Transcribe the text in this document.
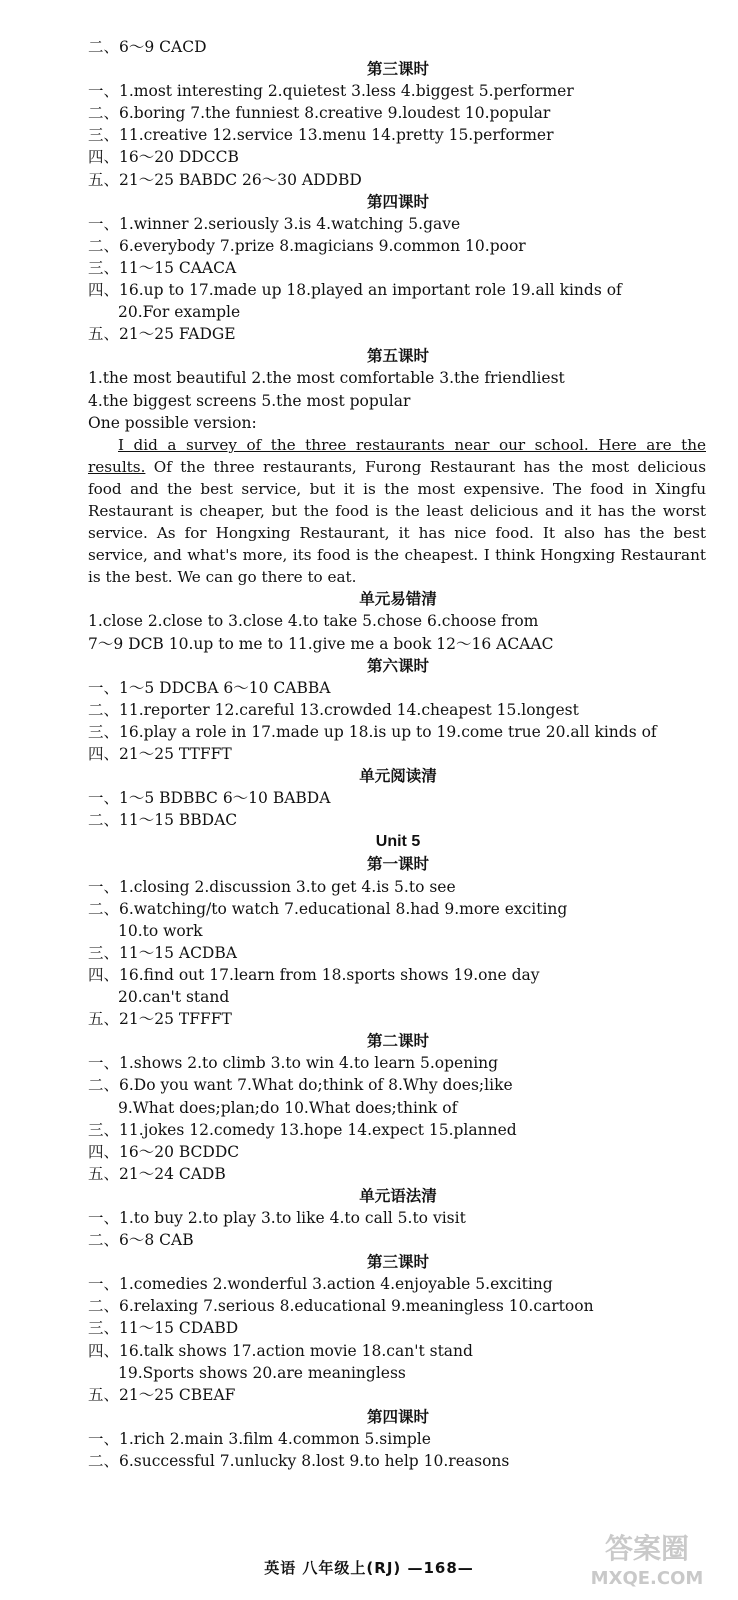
二、6～9 CACD
第三课时
一、1.most interesting 2.quietest 3.less 4.biggest 5.performer
二、6.boring 7.the funniest 8.creative 9.loudest 10.popular
三、11.creative 12.service 13.menu 14.pretty 15.performer
四、16～20 DDCCB
五、21～25 BABDC 26～30 ADDBD
第四课时
一、1.winner 2.seriously 3.is 4.watching 5.gave
二、6.everybody 7.prize 8.magicians 9.common 10.poor
三、11～15 CAACA
四、16.up to 17.made up 18.played an important role 19.all kinds of
20.For example
五、21～25 FADGE
第五课时
1.the most beautiful 2.the most comfortable 3.the friendliest
4.the biggest screens 5.the most popular
One possible version:

I did a survey of the three restaurants near our school. Here are the results. Of the three restaurants, Furong Restaurant has the most delicious food and the best service, but it is the most expensive. The food in Xingfu Restaurant is cheaper, but the food is the least delicious and it has the worst service. As for Hongxing Restaurant, it has nice food. It also has the best service, and what's more, its food is the cheapest. I think Hongxing Restaurant is the best. We can go there to eat.

单元易错清
1.close 2.close to 3.close 4.to take 5.chose 6.choose from
7～9 DCB 10.up to me to 11.give me a book 12～16 ACAAC
第六课时
一、1～5 DDCBA 6～10 CABBA
二、11.reporter 12.careful 13.crowded 14.cheapest 15.longest
三、16.play a role in 17.made up 18.is up to 19.come true 20.all kinds of
四、21～25 TTFFT
单元阅读清
一、1～5 BDBBC 6～10 BABDA
二、11～15 BBDAC
Unit 5
第一课时
一、1.closing 2.discussion 3.to get 4.is 5.to see
二、6.watching/to watch 7.educational 8.had 9.more exciting
10.to work
三、11～15 ACDBA
四、16.find out 17.learn from 18.sports shows 19.one day
20.can't stand
五、21～25 TFFFT
第二课时
一、1.shows 2.to climb 3.to win 4.to learn 5.opening
二、6.Do you want 7.What do;think of 8.Why does;like
9.What does;plan;do 10.What does;think of
三、11.jokes 12.comedy 13.hope 14.expect 15.planned
四、16～20 BCDDC
五、21～24 CADB
单元语法清
一、1.to buy 2.to play 3.to like 4.to call 5.to visit
二、6～8 CAB
第三课时
一、1.comedies 2.wonderful 3.action 4.enjoyable 5.exciting
二、6.relaxing 7.serious 8.educational 9.meaningless 10.cartoon
三、11～15 CDABD
四、16.talk shows 17.action movie 18.can't stand
19.Sports shows 20.are meaningless
五、21～25 CBEAF
第四课时
一、1.rich 2.main 3.film 4.common 5.simple
二、6.successful 7.unlucky 8.lost 9.to help 10.reasons
英语 八年级上(RJ) —168—
答案圈
MXQE.COM
